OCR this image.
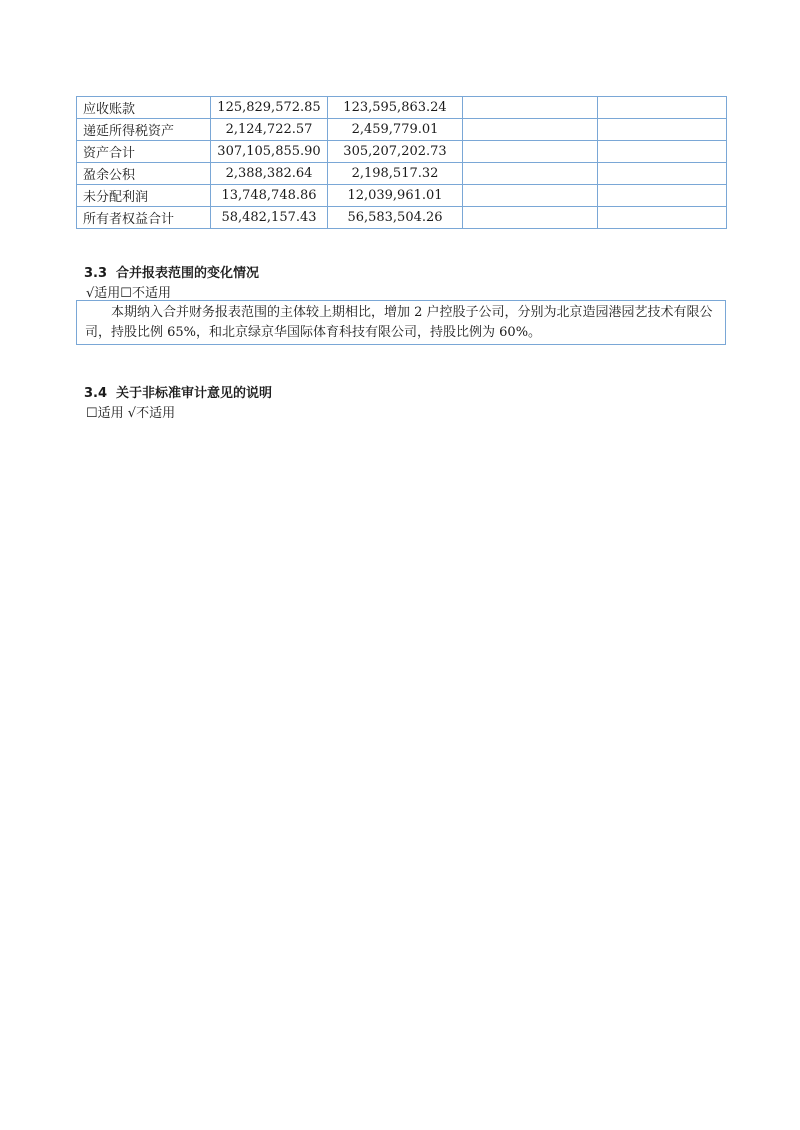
应收账款	125,829,572.85	123,595,863.24		
递延所得税资产	2,124,722.57	2,459,779.01		
资产合计	307,105,855.90	305,207,202.73		
盈余公积	2,388,382.64	2,198,517.32		
未分配利润	13,748,748.86	12,039,961.01		
所有者权益合计	58,482,157.43	56,583,504.26		
3.3 合并报表范围的变化情况

√适用☐不适用

本期纳入合并财务报表范围的主体较上期相比，增加 2 户控股子公司，分别为北京造园港园艺技术有限公司，持股比例 65%，和北京绿京华国际体育科技有限公司，持股比例为 60%。

3.4 关于非标准审计意见的说明

☐适用 √不适用
